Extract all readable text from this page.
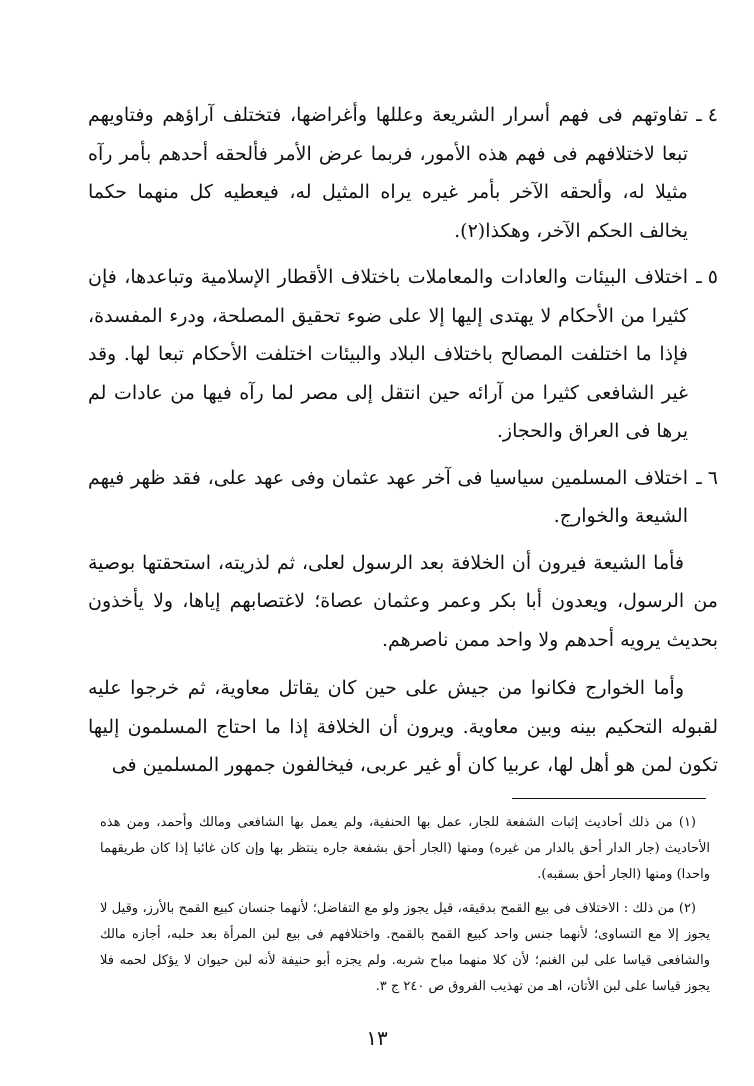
٤ ـ
تفاوتهم فى فهم أسرار الشريعة وعللها وأغراضها، فتختلف آراؤهم وفتاويهم تبعا لاختلافهم فى فهم هذه الأمور، فربما عرض الأمر فألحقه أحدهم بأمر رآه مثيلا له، وألحقه الآخر بأمر غيره يراه المثيل له، فيعطيه كل منهما حكما يخالف الحكم الآخر، وهكذا(٢).
٥ ـ
اختلاف البيئات والعادات والمعاملات باختلاف الأقطار الإسلامية وتباعدها، فإن كثيرا من الأحكام لا يهتدى إليها إلا على ضوء تحقيق المصلحة، ودرء المفسدة، فإذا ما اختلفت المصالح باختلاف البلاد والبيئات اختلفت الأحكام تبعا لها. وقد غير الشافعى كثيرا من آرائه حين انتقل إلى مصر لما رآه فيها من عادات لم يرها فى العراق والحجاز.
٦ ـ
اختلاف المسلمين سياسيا فى آخر عهد عثمان وفى عهد على، فقد ظهر فيهم الشيعة والخوارج.

فأما الشيعة فيرون أن الخلافة بعد الرسول لعلى، ثم لذريته، استحقتها بوصية من الرسول، ويعدون أبا بكر وعمر وعثمان عصاة؛ لاغتصابهم إياها، ولا يأخذون بحديث يرويه أحدهم ولا واحد ممن ناصرهم.

وأما الخوارج فكانوا من جيش على حين كان يقاتل معاوية، ثم خرجوا عليه لقبوله التحكيم بينه وبين معاوية. ويرون أن الخلافة إذا ما احتاج المسلمون إليها تكون لمن هو أهل لها، عربيا كان أو غير عربى، فيخالفون جمهور المسلمين فى

(١) من ذلك أحاديث إثبات الشفعة للجار، عمل بها الحنفية، ولم يعمل بها الشافعى ومالك وأحمد، ومن هذه الأحاديث (جار الدار أحق بالدار من غيره) ومنها (الجار أحق بشفعة جاره ينتظر بها وإن كان غائبا إذا كان طريقهما واحدا) ومنها (الجار أحق بسقبه).

(٢) من ذلك : الاختلاف فى بيع القمح بدقيقه، قيل يجوز ولو مع التفاضل؛ لأنهما جنسان كبيع القمح بالأرز، وقيل لا يجوز إلا مع التساوى؛ لأنهما جنس واحد كبيع القمح بالقمح. واختلافهم فى بيع لبن المرأة بعد حلبه، أجازه مالك والشافعى قياسا على لبن الغنم؛ لأن كلا منهما مباح شربه. ولم يجزه أبو حنيفة لأنه لبن حيوان لا يؤكل لحمه فلا يجوز قياسا على لبن الأتان، اهـ من تهذيب الفروق ص ٢٤٠ ج ٣.

١٣
